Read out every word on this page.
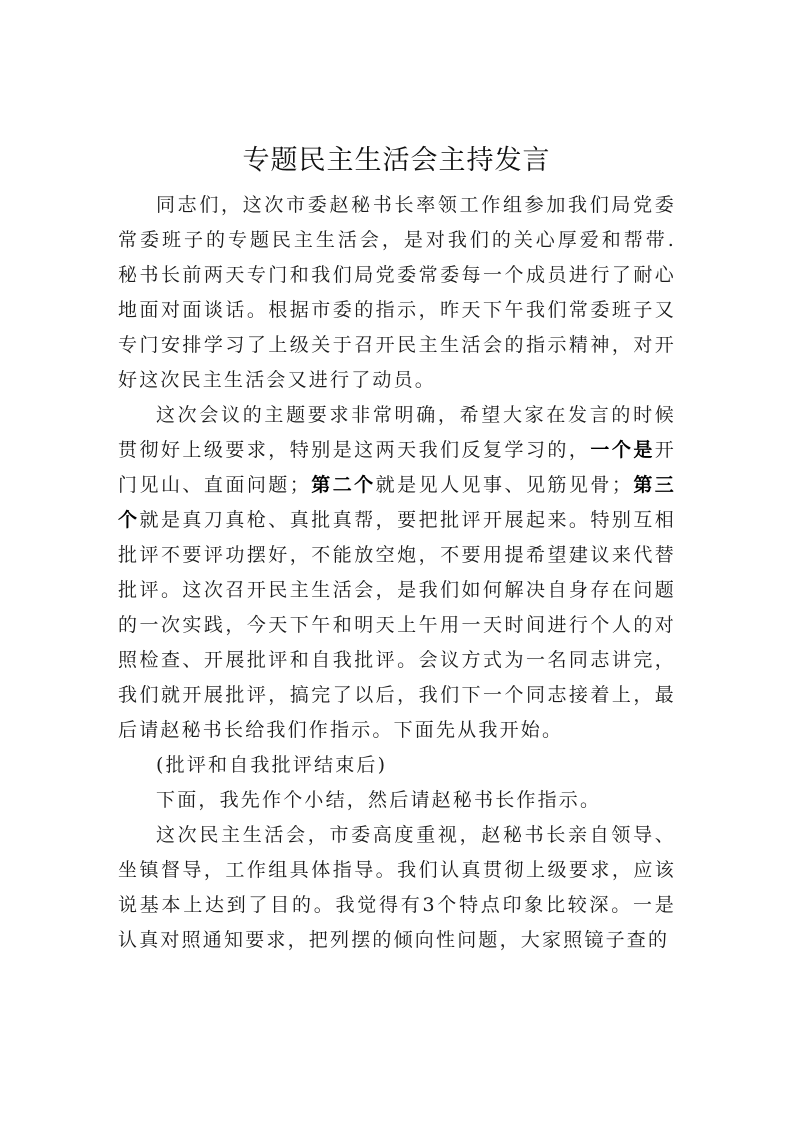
专题民主生活会主持发言

同志们，这次市委赵秘书长率领工作组参加我们局党委常委班子的专题民主生活会，是对我们的关心厚爱和帮带.秘书长前两天专门和我们局党委常委每一个成员进行了耐心地面对面谈话。根据市委的指示，昨天下午我们常委班子又专门安排学习了上级关于召开民主生活会的指示精神，对开好这次民主生活会又进行了动员。

这次会议的主题要求非常明确，希望大家在发言的时候贯彻好上级要求，特别是这两天我们反复学习的，一个是开门见山、直面问题；第二个就是见人见事、见筋见骨；第三个就是真刀真枪、真批真帮，要把批评开展起来。特别互相批评不要评功摆好，不能放空炮，不要用提希望建议来代替批评。这次召开民主生活会，是我们如何解决自身存在问题的一次实践，今天下午和明天上午用一天时间进行个人的对照检查、开展批评和自我批评。会议方式为一名同志讲完，我们就开展批评，搞完了以后，我们下一个同志接着上，最后请赵秘书长给我们作指示。下面先从我开始。

(批评和自我批评结束后)

下面，我先作个小结，然后请赵秘书长作指示。

这次民主生活会，市委高度重视，赵秘书长亲自领导、坐镇督导，工作组具体指导。我们认真贯彻上级要求，应该说基本上达到了目的。我觉得有3个特点印象比较深。一是认真对照通知要求，把列摆的倾向性问题，大家照镜子查的
